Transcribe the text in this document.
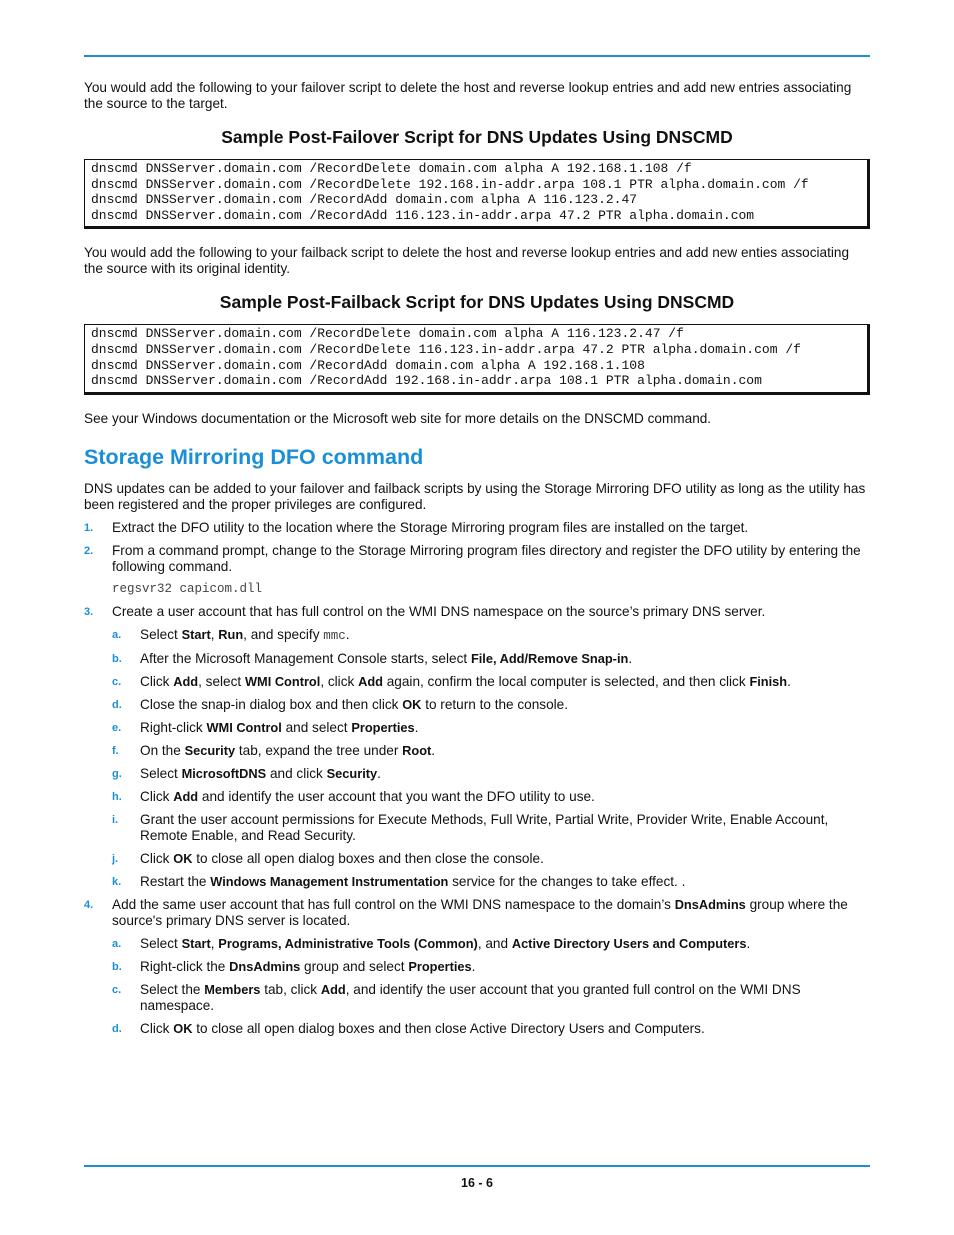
You would add the following to your failover script to delete the host and reverse lookup entries and add new entries associating the source to the target.

Sample Post-Failover Script for DNS Updates Using DNSCMD
dnscmd DNSServer.domain.com /RecordDelete domain.com alpha A 192.168.1.108 /f
dnscmd DNSServer.domain.com /RecordDelete 192.168.in-addr.arpa 108.1 PTR alpha.domain.com /f
dnscmd DNSServer.domain.com /RecordAdd domain.com alpha A 116.123.2.47
dnscmd DNSServer.domain.com /RecordAdd 116.123.in-addr.arpa 47.2 PTR alpha.domain.com

You would add the following to your failback script to delete the host and reverse lookup entries and add new enties associating the source with its original identity.

Sample Post-Failback Script for DNS Updates Using DNSCMD
dnscmd DNSServer.domain.com /RecordDelete domain.com alpha A 116.123.2.47 /f
dnscmd DNSServer.domain.com /RecordDelete 116.123.in-addr.arpa 47.2 PTR alpha.domain.com /f
dnscmd DNSServer.domain.com /RecordAdd domain.com alpha A 192.168.1.108
dnscmd DNSServer.domain.com /RecordAdd 192.168.in-addr.arpa 108.1 PTR alpha.domain.com

See your Windows documentation or the Microsoft web site for more details on the DNSCMD command.

Storage Mirroring DFO command

DNS updates can be added to your failover and failback scripts by using the Storage Mirroring DFO utility as long as the utility has been registered and the proper privileges are configured.

1. Extract the DFO utility to the location where the Storage Mirroring program files are installed on the target.
2. From a command prompt, change to the Storage Mirroring program files directory and register the DFO utility by entering the following command.
regsvr32 capicom.dll
3. Create a user account that has full control on the WMI DNS namespace on the source’s primary DNS server.
a. Select Start, Run, and specify mmc.
b. After the Microsoft Management Console starts, select File, Add/Remove Snap-in.
c. Click Add, select WMI Control, click Add again, confirm the local computer is selected, and then click Finish.
d. Close the snap-in dialog box and then click OK to return to the console.
e. Right-click WMI Control and select Properties.
f. On the Security tab, expand the tree under Root.
g. Select MicrosoftDNS and click Security.
h. Click Add and identify the user account that you want the DFO utility to use.
i. Grant the user account permissions for Execute Methods, Full Write, Partial Write, Provider Write, Enable Account, Remote Enable, and Read Security.
j. Click OK to close all open dialog boxes and then close the console.
k. Restart the Windows Management Instrumentation service for the changes to take effect. .
4. Add the same user account that has full control on the WMI DNS namespace to the domain’s DnsAdmins group where the source's primary DNS server is located.
a. Select Start, Programs, Administrative Tools (Common), and Active Directory Users and Computers.
b. Right-click the DnsAdmins group and select Properties.
c. Select the Members tab, click Add, and identify the user account that you granted full control on the WMI DNS namespace.
d. Click OK to close all open dialog boxes and then close Active Directory Users and Computers.
16 - 6
